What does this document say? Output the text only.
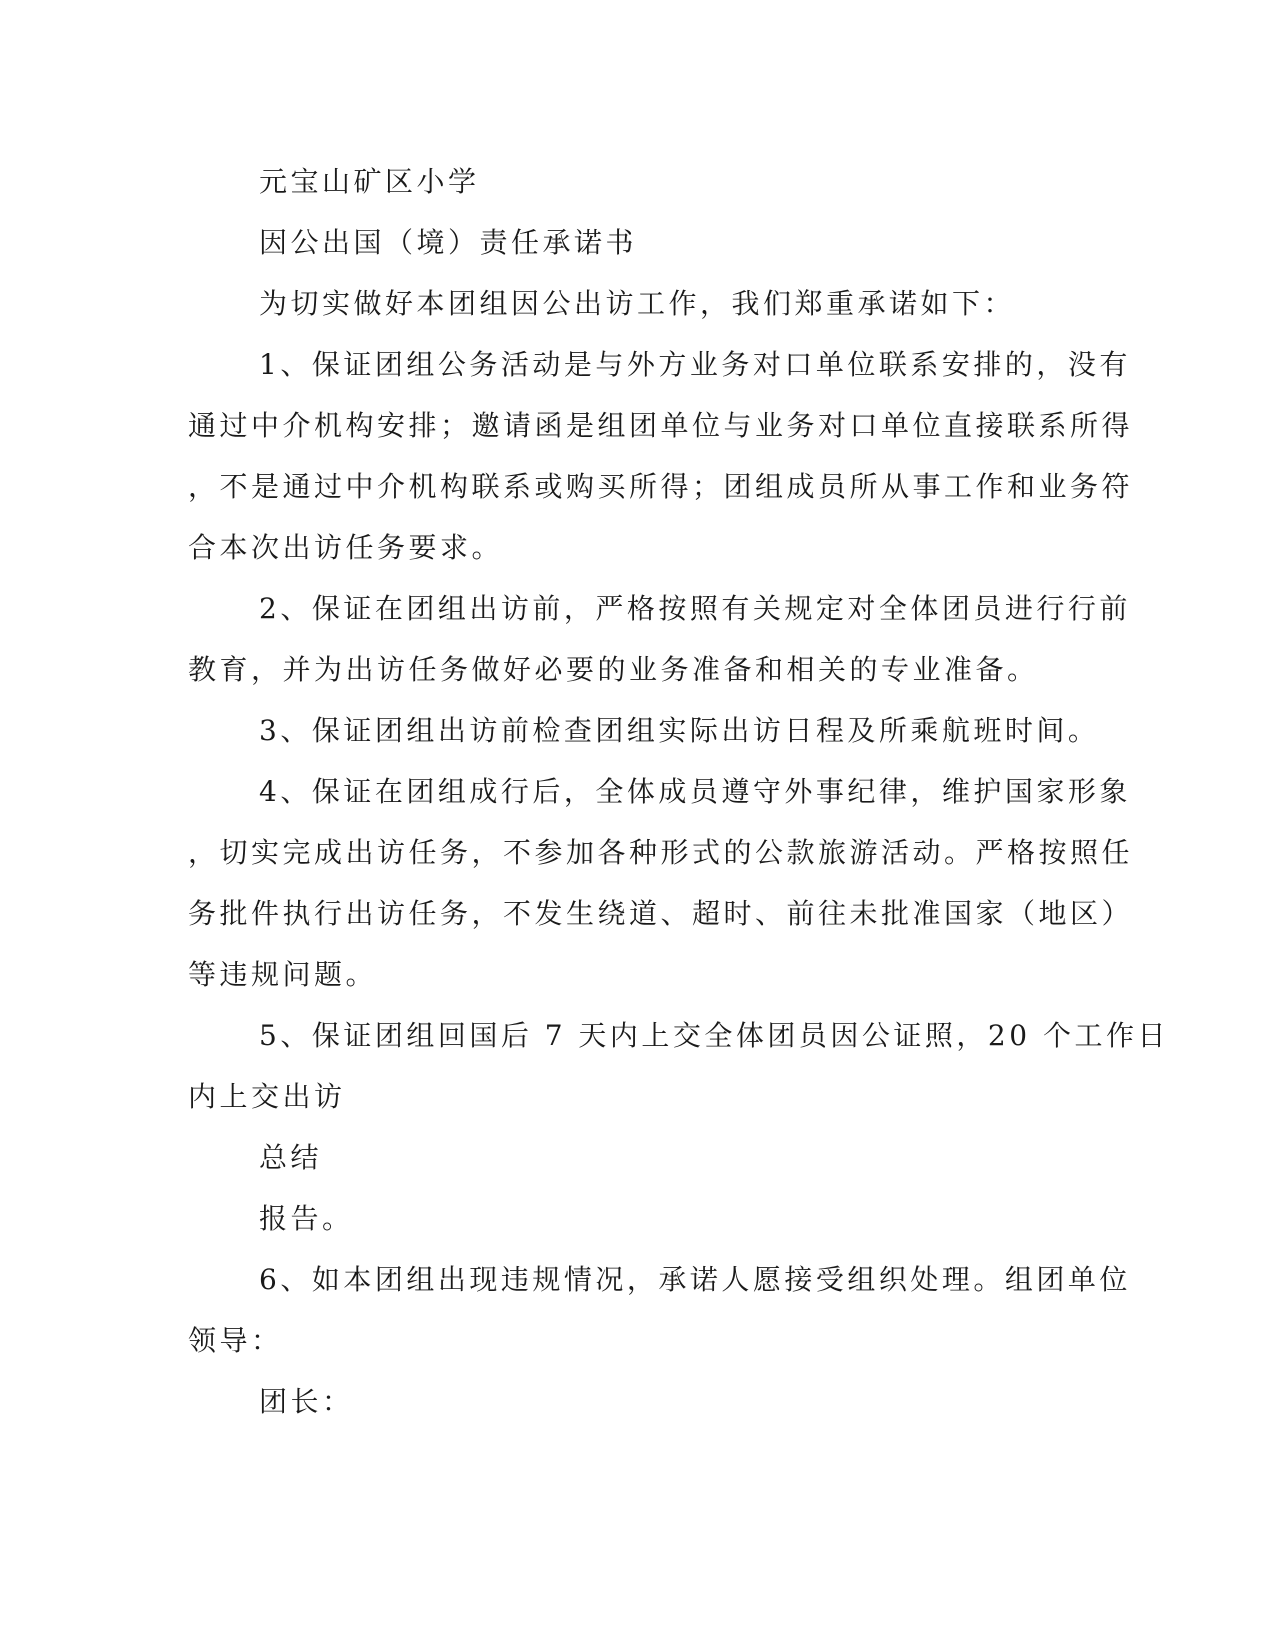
元宝山矿区小学
因公出国（境）责任承诺书
为切实做好本团组因公出访工作，我们郑重承诺如下：
1、保证团组公务活动是与外方业务对口单位联系安排的，没有
通过中介机构安排；邀请函是组团单位与业务对口单位直接联系所得
，不是通过中介机构联系或购买所得；团组成员所从事工作和业务符
合本次出访任务要求。
2、保证在团组出访前，严格按照有关规定对全体团员进行行前
教育，并为出访任务做好必要的业务准备和相关的专业准备。
3、保证团组出访前检查团组实际出访日程及所乘航班时间。
4、保证在团组成行后，全体成员遵守外事纪律，维护国家形象
，切实完成出访任务，不参加各种形式的公款旅游活动。严格按照任
务批件执行出访任务，不发生绕道、超时、前往未批准国家（地区）
等违规问题。
5、保证团组回国后 7 天内上交全体团员因公证照，20 个工作日
内上交出访
总结
报告。
6、如本团组出现违规情况，承诺人愿接受组织处理。组团单位
领导：
团长：
